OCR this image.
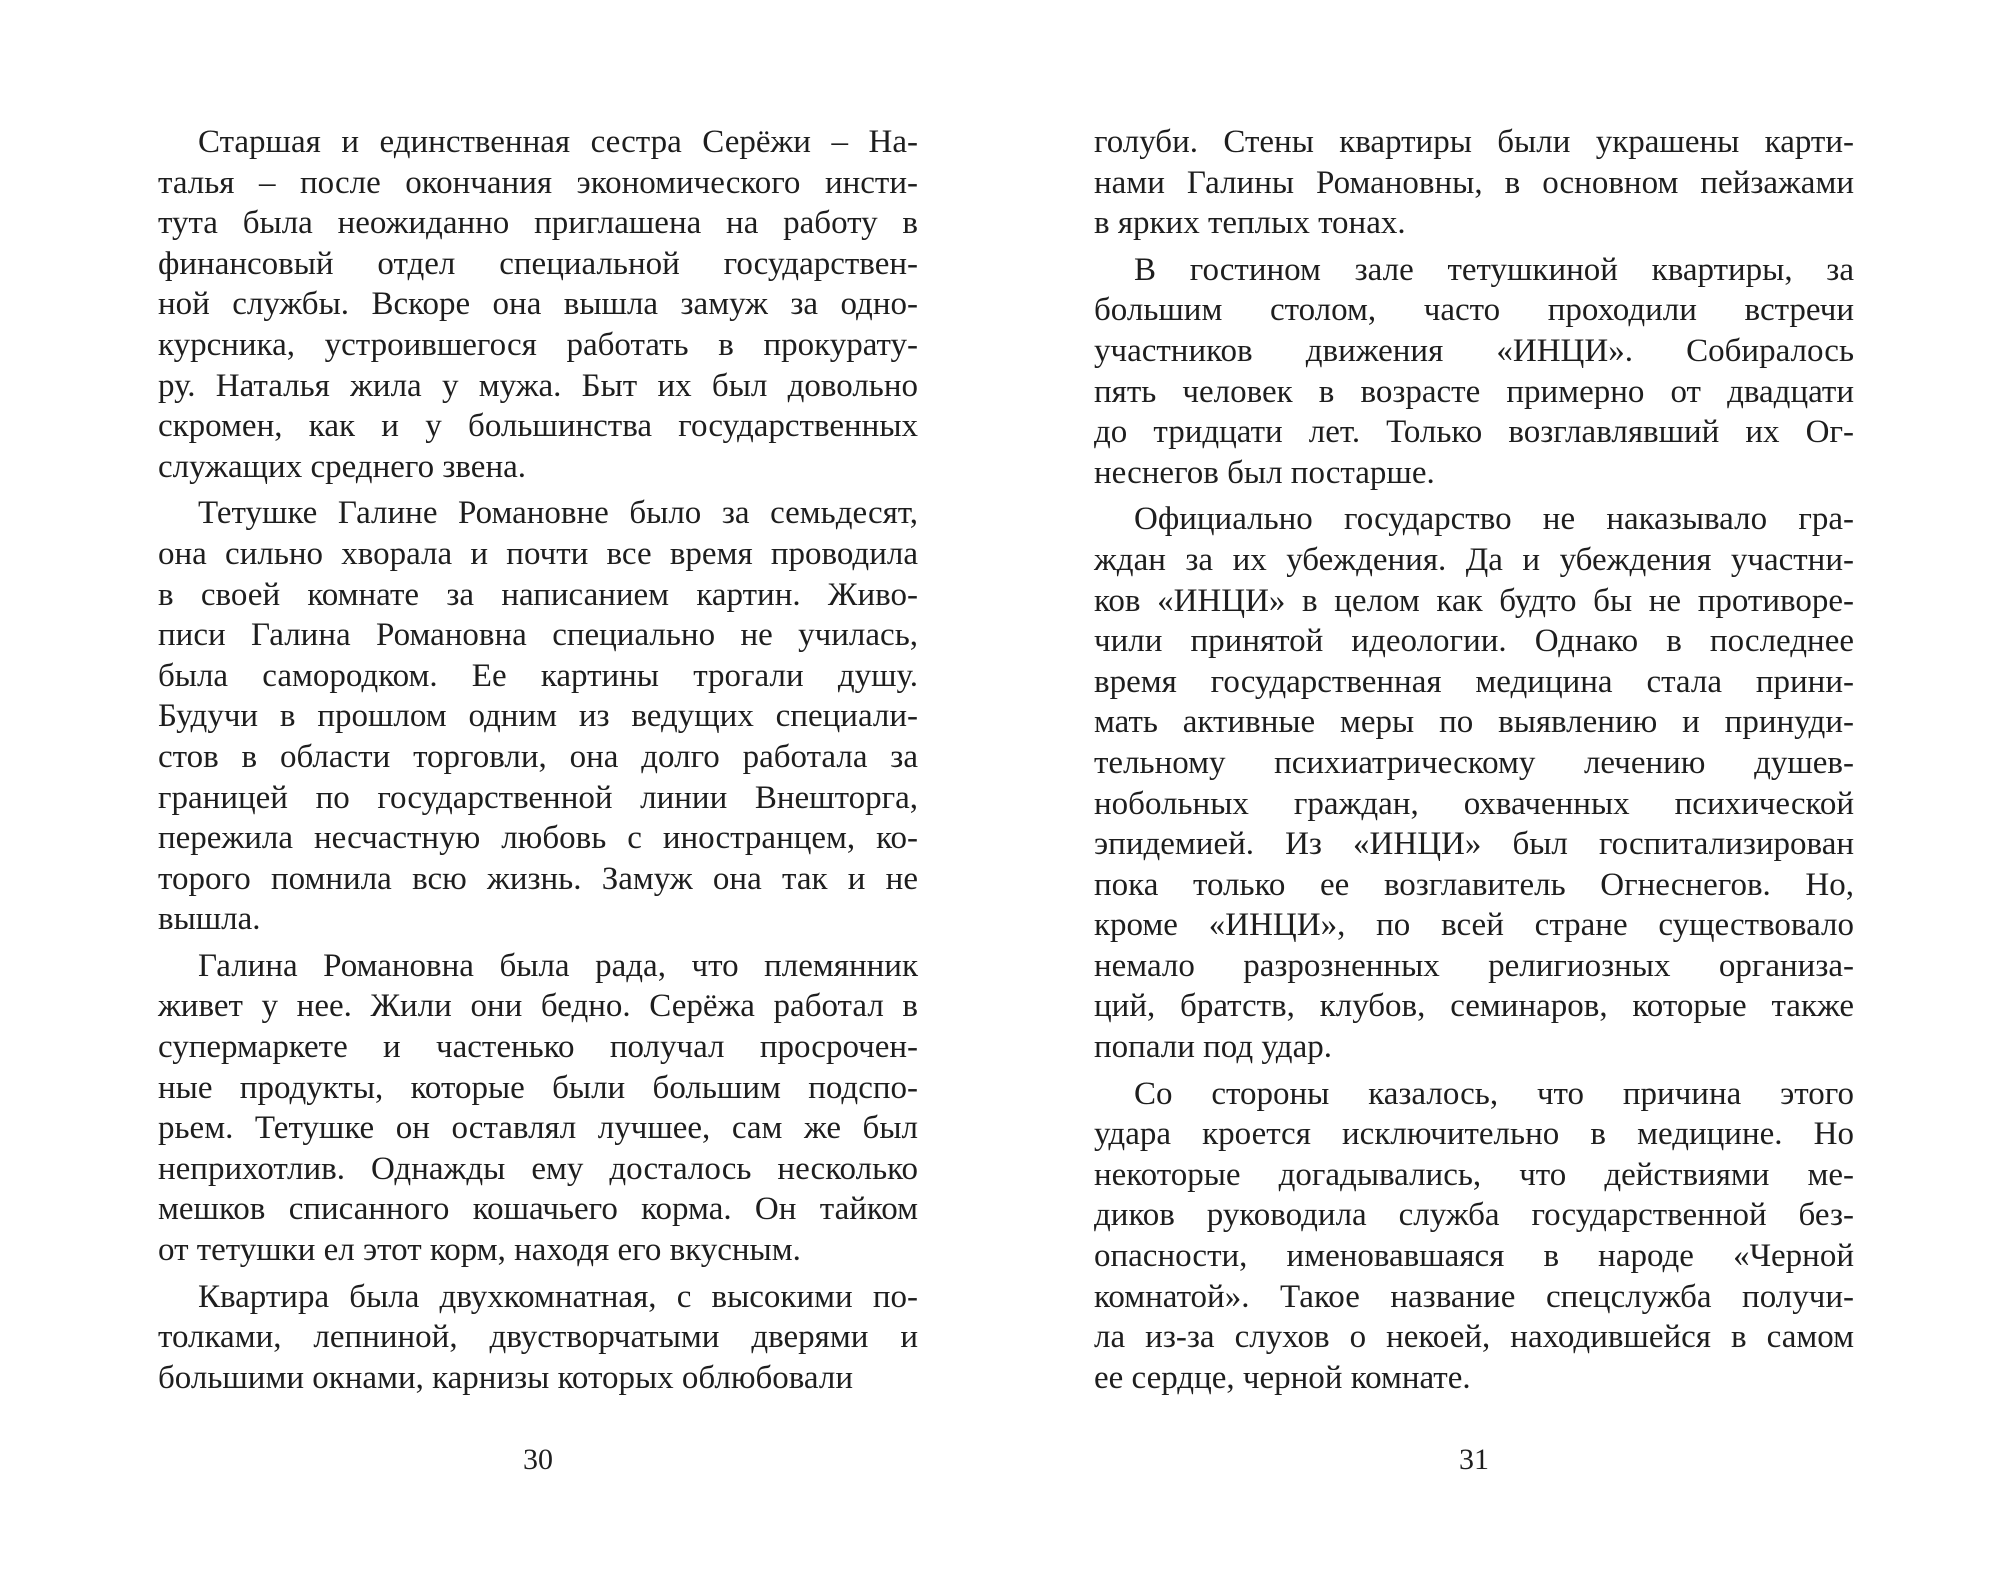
Старшая и единственная сестра Серёжи – На-
талья – после окончания экономического инсти-
тута была неожиданно приглашена на работу в
финансовый отдел специальной государствен-
ной службы. Вскоре она вышла замуж за одно-
курсника, устроившегося работать в прокурату-
ру. Наталья жила у мужа. Быт их был довольно
скромен, как и у большинства государственных
служащих среднего звена.
Тетушке Галине Романовне было за семьдесят,
она сильно хворала и почти все время проводила
в своей комнате за написанием картин. Живо-
писи Галина Романовна специально не училась,
была самородком. Ее картины трогали душу.
Будучи в прошлом одним из ведущих специали-
стов в области торговли, она долго работала за
границей по государственной линии Внешторга,
пережила несчастную любовь с иностранцем, ко-
торого помнила всю жизнь. Замуж она так и не
вышла.
Галина Романовна была рада, что племянник
живет у нее. Жили они бедно. Серёжа работал в
супермаркете и частенько получал просрочен-
ные продукты, которые были большим подспо-
рьем. Тетушке он оставлял лучшее, сам же был
неприхотлив. Однажды ему досталось несколько
мешков списанного кошачьего корма. Он тайком
от тетушки ел этот корм, находя его вкусным.
Квартира была двухкомнатная, с высокими по-
толками, лепниной, двустворчатыми дверями и
большими окнами, карнизы которых облюбовали
30
голуби. Стены квартиры были украшены карти-
нами Галины Романовны, в основном пейзажами
в ярких теплых тонах.
В гостином зале тетушкиной квартиры, за
большим столом, часто проходили встречи
участников движения «ИНЦИ». Собиралось
пять человек в возрасте примерно от двадцати
до тридцати лет. Только возглавлявший их Ог-
неснегов был постарше.
Официально государство не наказывало гра-
ждан за их убеждения. Да и убеждения участни-
ков «ИНЦИ» в целом как будто бы не противоре-
чили принятой идеологии. Однако в последнее
время государственная медицина стала прини-
мать активные меры по выявлению и принуди-
тельному психиатрическому лечению душев-
нобольных граждан, охваченных психической
эпидемией. Из «ИНЦИ» был госпитализирован
пока только ее возглавитель Огнеснегов. Но,
кроме «ИНЦИ», по всей стране существовало
немало разрозненных религиозных организа-
ций, братств, клубов, семинаров, которые также
попали под удар.
Со стороны казалось, что причина этого
удара кроется исключительно в медицине. Но
некоторые догадывались, что действиями ме-
диков руководила служба государственной без-
опасности, именовавшаяся в народе «Черной
комнатой». Такое название спецслужба получи-
ла из-за слухов о некоей, находившейся в самом
ее сердце, черной комнате.
31
